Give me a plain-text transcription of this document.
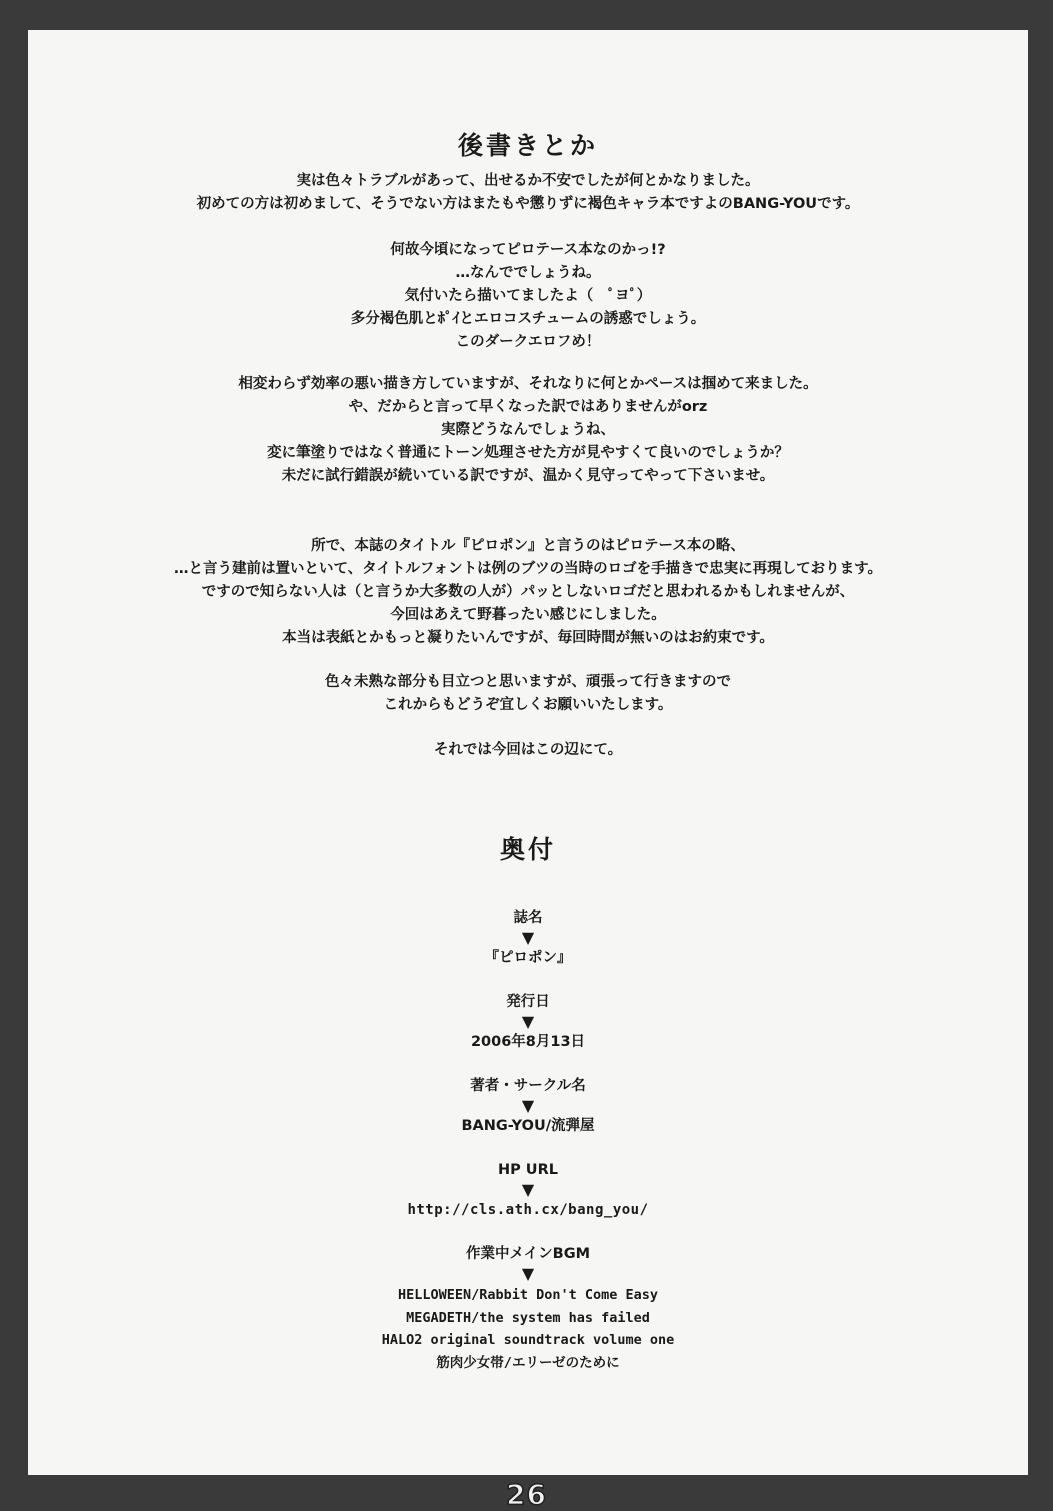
後書きとか
実は色々トラブルがあって、出せるか不安でしたが何とかなりました。
初めての方は初めまして、そうでない方はまたもや懲りずに褐色キャラ本ですよのBANG-YOUです。
何故今頃になってピロテース本なのかっ!?
…なんででしょうね。
気付いたら描いてましたよ（　ﾟヨﾟ）
多分褐色肌とﾎﾟｲとエロコスチュームの誘惑でしょう。
このダークエロフめ！
相変わらず効率の悪い描き方していますが、それなりに何とかペースは掴めて来ました。
や、だからと言って早くなった訳ではありませんがorz
実際どうなんでしょうね、
変に筆塗りではなく普通にトーン処理させた方が見やすくて良いのでしょうか？
未だに試行錯誤が続いている訳ですが、温かく見守ってやって下さいませ。
所で、本誌のタイトル『ピロポン』と言うのはピロテース本の略、
…と言う建前は置いといて、タイトルフォントは例のブツの当時のロゴを手描きで忠実に再現しております。
ですので知らない人は（と言うか大多数の人が）パッとしないロゴだと思われるかもしれませんが、
今回はあえて野暮ったい感じにしました。
本当は表紙とかもっと凝りたいんですが、毎回時間が無いのはお約束です。
色々未熟な部分も目立つと思いますが、頑張って行きますので
これからもどうぞ宜しくお願いいたします。
それでは今回はこの辺にて。
奥付
誌名
▼
『ピロポン』
発行日
▼
2006年8月13日
著者・サークル名
▼
BANG-YOU/流弾屋
HP URL
▼
http://cls.ath.cx/bang_you/
作業中メインBGM
▼
HELLOWEEN/Rabbit Don't Come Easy
MEGADETH/the system has failed
HALO2 original soundtrack volume one
筋肉少女帯/エリーゼのために
26
